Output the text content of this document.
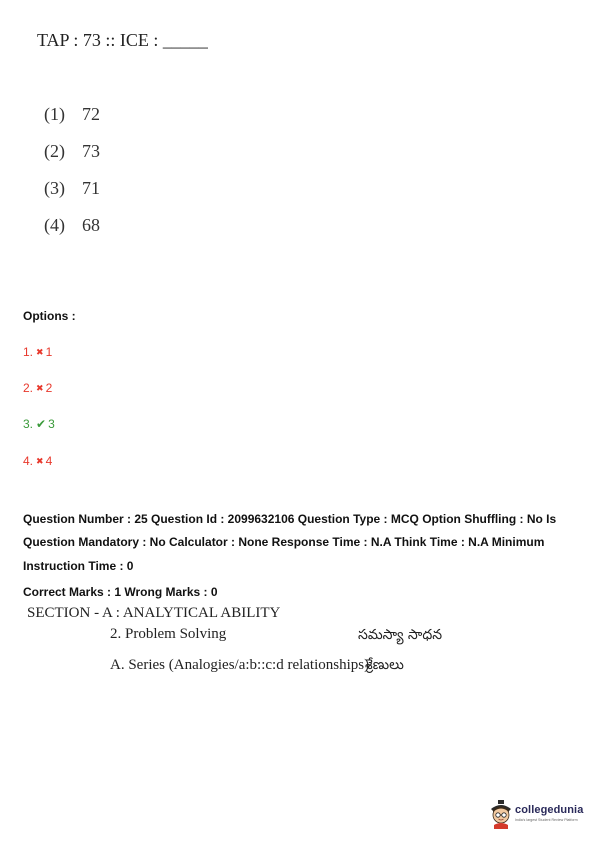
TAP : 73 :: ICE : _____
(1) 72
(2) 73
(3) 71
(4) 68
Options :
1. ✖ 1
2. ✖ 2
3. ✔ 3
4. ✖ 4
Question Number : 25 Question Id : 2099632106 Question Type : MCQ Option Shuffling : No Is
Question Mandatory : No Calculator : None Response Time : N.A Think Time : N.A Minimum
Instruction Time : 0
Correct Marks : 1 Wrong Marks : 0
SECTION - A : ANALYTICAL ABILITY
2. Problem Solving	సమస్యా సాధన
A. Series (Analogies/a:b::c:d relationships)
శ్రేణులు
collegedunia
India's largest Student Review Platform
